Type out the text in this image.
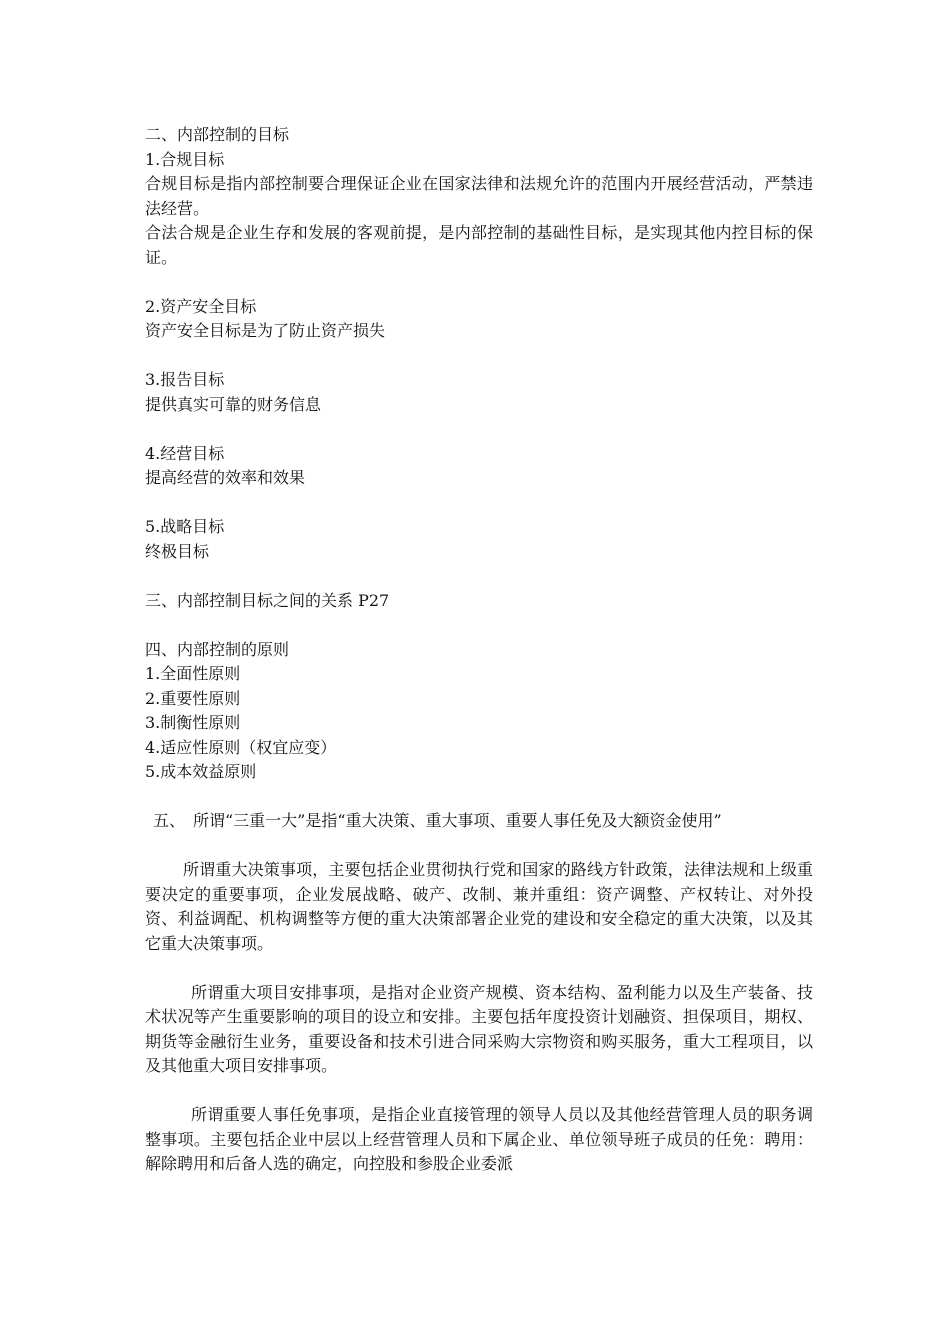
二、内部控制的目标

1.合规目标

合规目标是指内部控制要合理保证企业在国家法律和法规允许的范围内开展经营活动，严禁违法经营。

合法合规是企业生存和发展的客观前提，是内部控制的基础性目标，是实现其他内控目标的保证。

2.资产安全目标

资产安全目标是为了防止资产损失

3.报告目标

提供真实可靠的财务信息

4.经营目标

提高经营的效率和效果

5.战略目标

终极目标

三、内部控制目标之间的关系 P27

四、内部控制的原则

1.全面性原则

2.重要性原则

3.制衡性原则

4.适应性原则（权宜应变）

5.成本效益原则

五、　所谓“三重一大”是指“重大决策、重大事项、重要人事任免及大额资金使用”

所谓重大决策事项，主要包括企业贯彻执行党和国家的路线方针政策，法律法规和上级重要决定的重要事项，企业发展战略、破产、改制、兼并重组：资产调整、产权转让、对外投资、利益调配、机构调整等方便的重大决策部署企业党的建设和安全稳定的重大决策，以及其它重大决策事项。

所谓重大项目安排事项，是指对企业资产规模、资本结构、盈利能力以及生产装备、技术状况等产生重要影响的项目的设立和安排。主要包括年度投资计划融资、担保项目，期权、期货等金融衍生业务，重要设备和技术引进合同采购大宗物资和购买服务，重大工程项目，以及其他重大项目安排事项。

所谓重要人事任免事项，是指企业直接管理的领导人员以及其他经营管理人员的职务调整事项。主要包括企业中层以上经营管理人员和下属企业、单位领导班子成员的任免：聘用：解除聘用和后备人选的确定，向控股和参股企业委派
